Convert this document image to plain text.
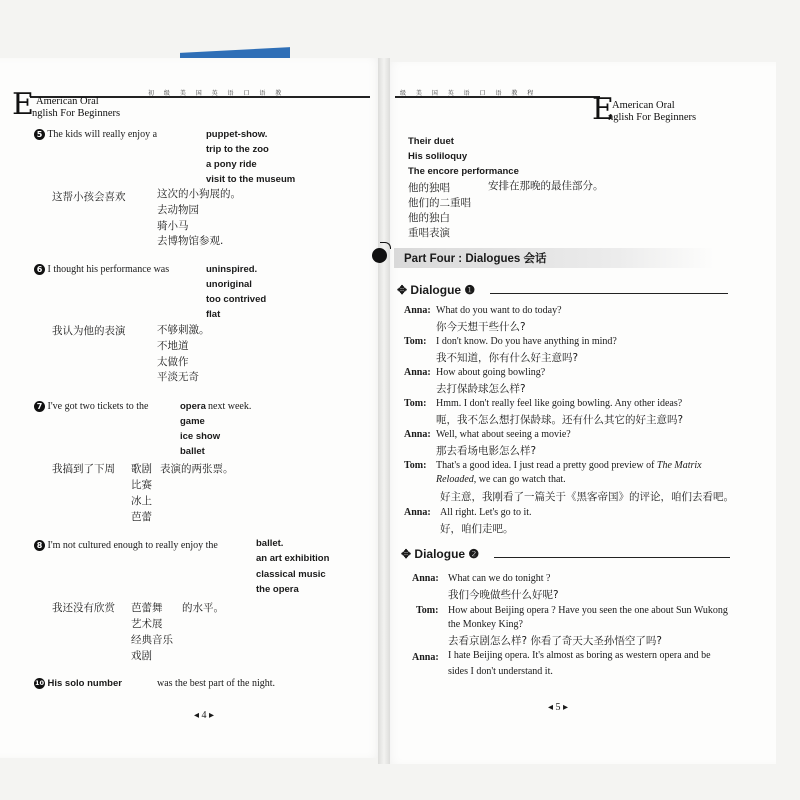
初 级 美 国 英 语 口 语 教
E American Oral
nglish For Beginners
级 美 国 英 语 口 语 教 程 E
American Oral
nglish For Beginners
5 The kids will really enjoy a	puppet-show.
trip to the zoo
a pony ride
visit to the museum
这帮小孩会喜欢	这次的小狗展的。
去动物园
骑小马
去博物馆参观.
6 I thought his performance was	uninspired.
unoriginal
too contrived
flat
我认为他的表演	不够刺激。
不地道
太做作
平淡无奇
7 I've got two tickets to the	opera next week.
game
ice show
ballet
我搞到了下周 歌剧 表演的两张票。
比赛
冰上
芭蕾
8 I'm not cultured enough to really enjoy the	ballet.
an art exhibition
classical music
the opera
我还没有欣赏 芭蕾舞 的水平。
艺术展
经典音乐
戏剧
10 His solo number	was the best part of the night.
◂ 4 ▸
Their duet
His soliloquy
The encore performance
他的独唱	安排在那晚的最佳部分。
他们的二重唱
他的独白
重唱表演
Part Four : Dialogues 会话
✥ Dialogue ❶
Anna: What do you want to do today?
你今天想干些什么?
Tom: I don't know. Do you have anything in mind?
我不知道，你有什么好主意吗?
Anna: How about going bowling?
去打保龄球怎么样?
Tom: Hmm. I don't really feel like going bowling. Any other ideas?
呃，我不怎么想打保龄球。还有什么其它的好主意吗?
Anna: Well, what about seeing a movie?
那去看场电影怎么样?
Tom: That's a good idea. I just read a pretty good preview of The Matrix
Reloaded, we can go watch that.
好主意，我刚看了一篇关于《黑客帝国》的评论，咱们去看吧。
Anna: All right. Let's go to it.
好，咱们走吧。
✥ Dialogue ❷
Anna: What can we do tonight ?
我们今晚做些什么好呢?
Tom: How about Beijing opera ? Have you seen the one about Sun Wukong
the Monkey King?
去看京剧怎么样? 你看了奇天大圣孙悟空了吗?
Anna: I hate Beijing opera. It's almost as boring as western opera and be
sides I don't understand it.
◂ 5 ▸
